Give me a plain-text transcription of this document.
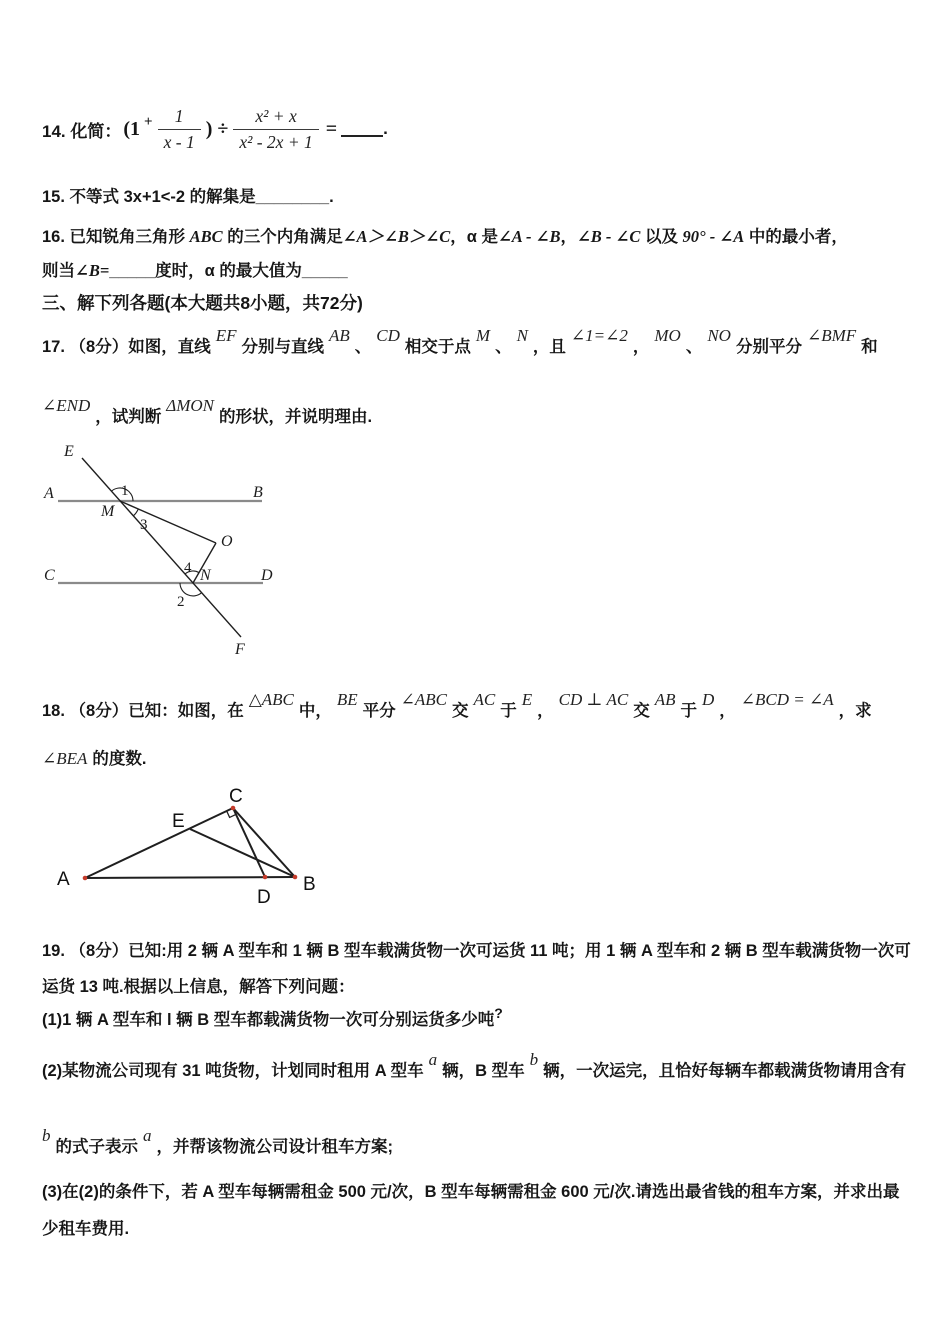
14. 化简： ($1 + \frac{1}{x - 1}$ ) ÷ $\frac{\text{x² + x}}{\text{x² - 2x + 1}}$ =	.
15. 不等式 3x+1<-2 的解集是________.
16. 已知锐角三角形 ABC 的三个内角满足∠A＞∠B＞∠C，α 是∠A - ∠B，∠B - ∠C 以及 90° - ∠A 中的最小者，
则当∠B=_____度时，α 的最大值为_____
三、解下列各题(本大题共8小题，共72分)
17. （8分）如图，直线EF分别与直线AB、CD相交于点M、N，且∠1=∠2，MO、NO分别平分∠BMF和
∠END，试判断ΔMON的形状，并说明理由.
E
A	B
M
O
C	D
N
F
1
3
4
2
18. （8分）已知：如图，在△ABC中，BE平分∠ABC交AC于E，CD ⊥ AC交AB于D，∠BCD = ∠A，求
∠BEA 的度数.
A	B
C
D
E
19. （8分）已知:用 2 辆 A 型车和 1 辆 B 型车载满货物一次可运货 11 吨；用 1 辆 A 型车和 2 辆 B 型车载满货物一次可
运货 13 吨.根据以上信息，解答下列问题：
(1)1 辆 A 型车和 l 辆 B 型车都载满货物一次可分别运货多少吨?
(2)某物流公司现有 31 吨货物，计划同时租用 A 型车a辆，B 型车b辆，一次运完，且恰好每辆车都载满货物请用含有
b的式子表示a，并帮该物流公司设计租车方案;
(3)在(2)的条件下，若 A 型车每辆需租金 500 元/次，B 型车每辆需租金 600 元/次.请选出最省钱的租车方案，并求出最
少租车费用.
